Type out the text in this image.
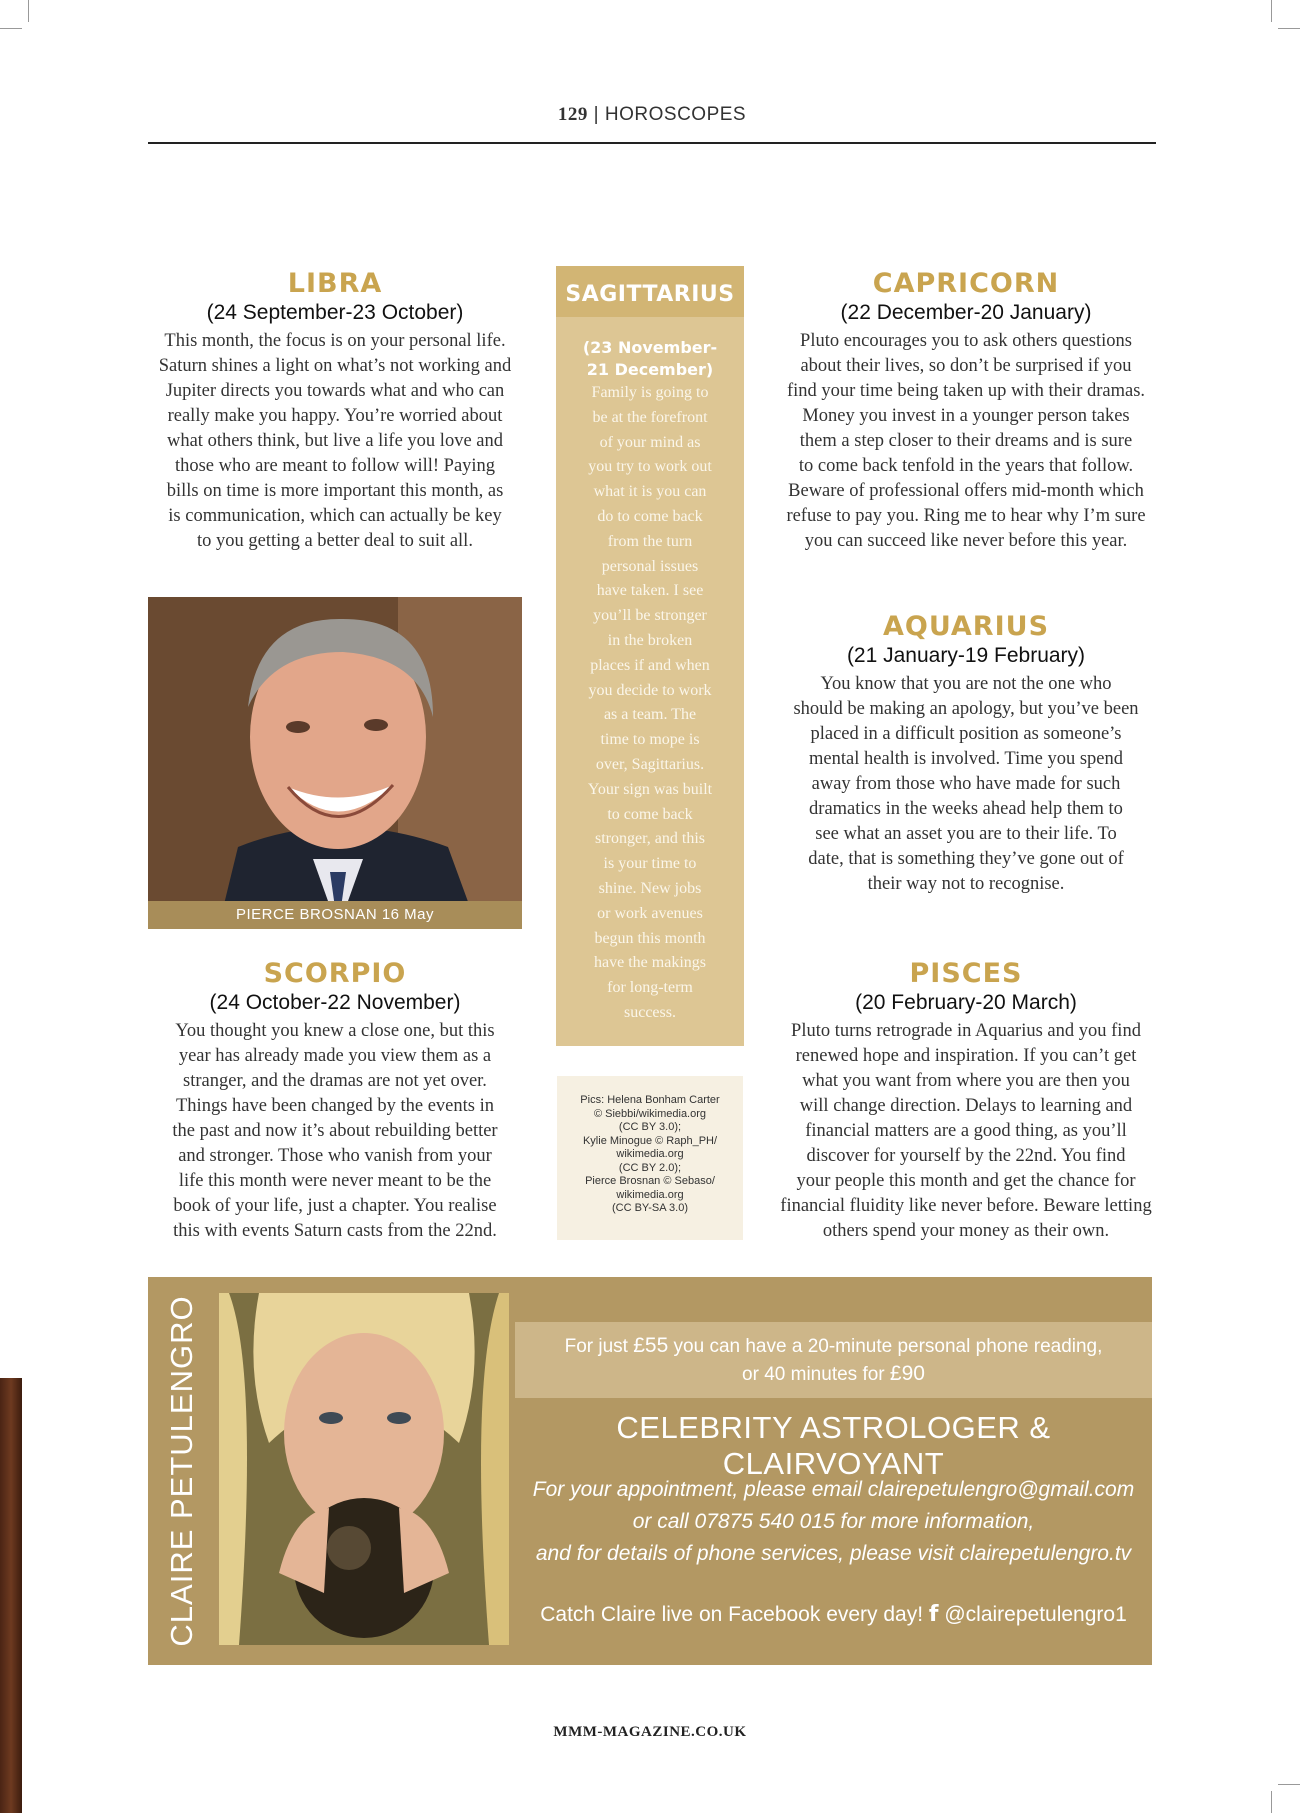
129 | HOROSCOPES
LIBRA
(24 September-23 October)
This month, the focus is on your personal life.
Saturn shines a light on what’s not working and
Jupiter directs you towards what and who can
really make you happy. You’re worried about
what others think, but live a life you love and
those who are meant to follow will! Paying
bills on time is more important this month, as
is communication, which can actually be key
to you getting a better deal to suit all.
PIERCE BROSNAN 16 May
SCORPIO
(24 October-22 November)
You thought you knew a close one, but this
year has already made you view them as a
stranger, and the dramas are not yet over.
Things have been changed by the events in
the past and now it’s about rebuilding better
and stronger. Those who vanish from your
life this month were never meant to be the
book of your life, just a chapter. You realise
this with events Saturn casts from the 22nd.
SAGITTARIUS
(23 November-
21 December)
Family is going to
be at the forefront
of your mind as
you try to work out
what it is you can
do to come back
from the turn
personal issues
have taken. I see
you’ll be stronger
in the broken
places if and when
you decide to work
as a team. The
time to mope is
over, Sagittarius.
Your sign was built
to come back
stronger, and this
is your time to
shine. New jobs
or work avenues
begun this month
have the makings
for long-term
success.
Pics: Helena Bonham Carter
© Siebbi/wikimedia.org
(CC BY 3.0);
Kylie Minogue © Raph_PH/
wikimedia.org
(CC BY 2.0);
Pierce Brosnan © Sebaso/
wikimedia.org
(CC BY-SA 3.0)
CAPRICORN
(22 December-20 January)
Pluto encourages you to ask others questions
about their lives, so don’t be surprised if you
find your time being taken up with their dramas.
Money you invest in a younger person takes
them a step closer to their dreams and is sure
to come back tenfold in the years that follow.
Beware of professional offers mid-month which
refuse to pay you. Ring me to hear why I’m sure
you can succeed like never before this year.
AQUARIUS
(21 January-19 February)
You know that you are not the one who
should be making an apology, but you’ve been
placed in a difficult position as someone’s
mental health is involved. Time you spend
away from those who have made for such
dramatics in the weeks ahead help them to
see what an asset you are to their life. To
date, that is something they’ve gone out of
their way not to recognise.
PISCES
(20 February-20 March)
Pluto turns retrograde in Aquarius and you find
renewed hope and inspiration. If you can’t get
what you want from where you are then you
will change direction. Delays to learning and
financial matters are a good thing, as you’ll
discover for yourself by the 22nd. You find
your people this month and get the chance for
financial fluidity like never before. Beware letting
others spend your money as their own.
CLAIRE PETULENGRO	For just £55 you can have a 20-minute personal phone reading,
or 40 minutes for £90
CELEBRITY ASTROLOGER & CLAIRVOYANT
For your appointment, please email clairepetulengro@gmail.com
or call 07875 540 015 for more information,
and for details of phone services, please visit clairepetulengro.tv
Catch Claire live on Facebook every day! f @clairepetulengro1
MMM-MAGAZINE.CO.UK
